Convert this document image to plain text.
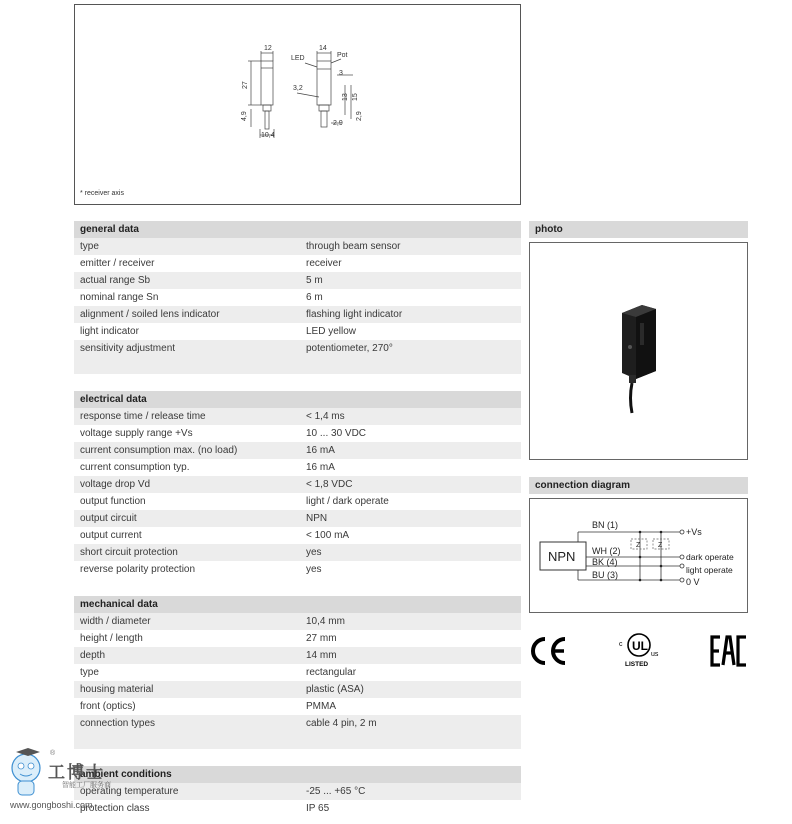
12	14
Pot
LED
3
27	3,2
13 15
4,9
10,4
2,9
2,9
* receiver axis
general data
type	through beam sensor
emitter / receiver	receiver
actual range Sb	5 m
nominal range Sn	6 m
alignment / soiled lens indicator	flashing light indicator
light indicator	LED yellow
sensitivity adjustment	potentiometer, 270°
electrical data
response time / release time	< 1,4 ms
voltage supply range +Vs	10 ... 30 VDC
current consumption max. (no load)	16 mA
current consumption typ.	16 mA
voltage drop Vd	< 1,8 VDC
output function	light / dark operate
output circuit	NPN
output current	< 100 mA
short circuit protection	yes
reverse polarity protection	yes
mechanical data
width / diameter	10,4 mm
height / length	27 mm
depth	14 mm
type	rectangular
housing material	plastic (ASA)
front (optics)	PMMA
connection types	cable 4 pin, 2 m
ambient conditions
operating temperature	-25 ... +65 °C
protection class	IP 65
photo
connection diagram
NPN
Z	Z
BN (1)
WH (2)
BK (4)
BU (3)
+Vs
dark operate
light operate
0 V
UL
c
us
LISTED
工博士
®
智能工厂服务商
www.gongboshi.com
